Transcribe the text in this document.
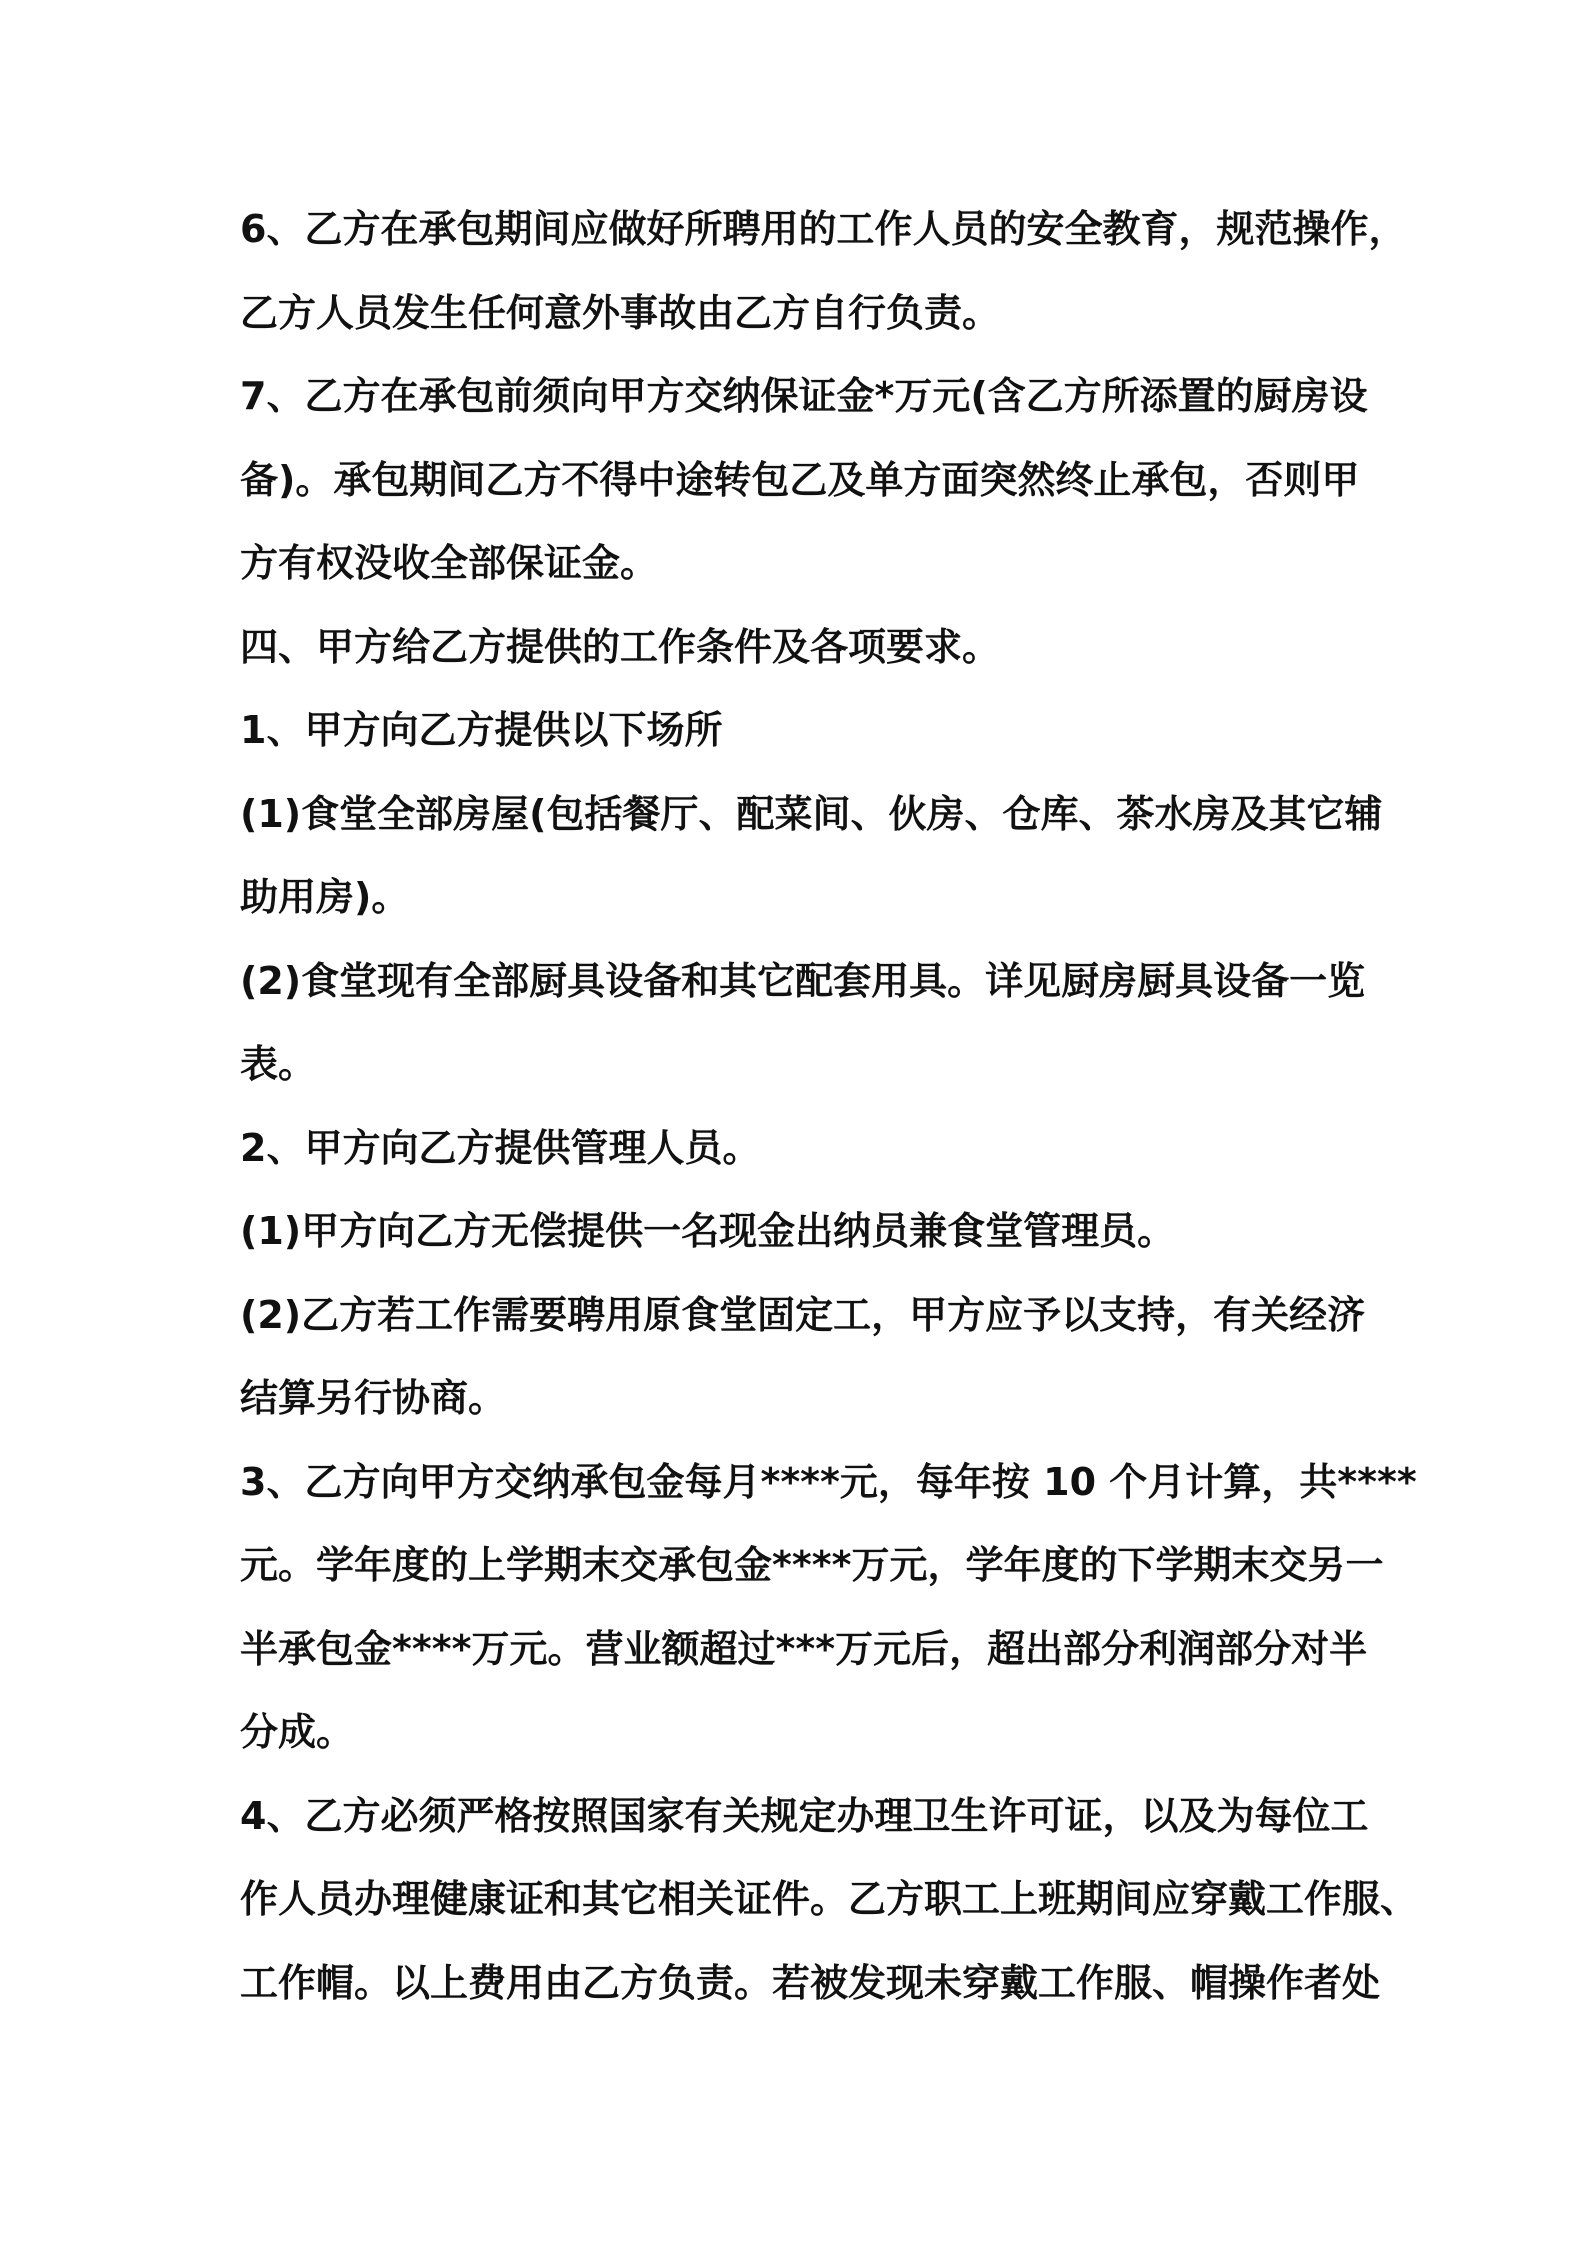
6、乙方在承包期间应做好所聘用的工作人员的安全教育，规范操作，

乙方人员发生任何意外事故由乙方自行负责。

7、乙方在承包前须向甲方交纳保证金*万元(含乙方所添置的厨房设

备)。承包期间乙方不得中途转包乙及单方面突然终止承包，否则甲

方有权没收全部保证金。

四、甲方给乙方提供的工作条件及各项要求。

1、甲方向乙方提供以下场所

(1)食堂全部房屋(包括餐厅、配菜间、伙房、仓库、茶水房及其它辅

助用房)。

(2)食堂现有全部厨具设备和其它配套用具。详见厨房厨具设备一览

表。

2、甲方向乙方提供管理人员。

(1)甲方向乙方无偿提供一名现金出纳员兼食堂管理员。

(2)乙方若工作需要聘用原食堂固定工，甲方应予以支持，有关经济

结算另行协商。

3、乙方向甲方交纳承包金每月****元，每年按 10 个月计算，共****

元。学年度的上学期末交承包金****万元，学年度的下学期末交另一

半承包金****万元。营业额超过***万元后，超出部分利润部分对半

分成。

4、乙方必须严格按照国家有关规定办理卫生许可证，以及为每位工

作人员办理健康证和其它相关证件。乙方职工上班期间应穿戴工作服、

工作帽。以上费用由乙方负责。若被发现未穿戴工作服、帽操作者处
